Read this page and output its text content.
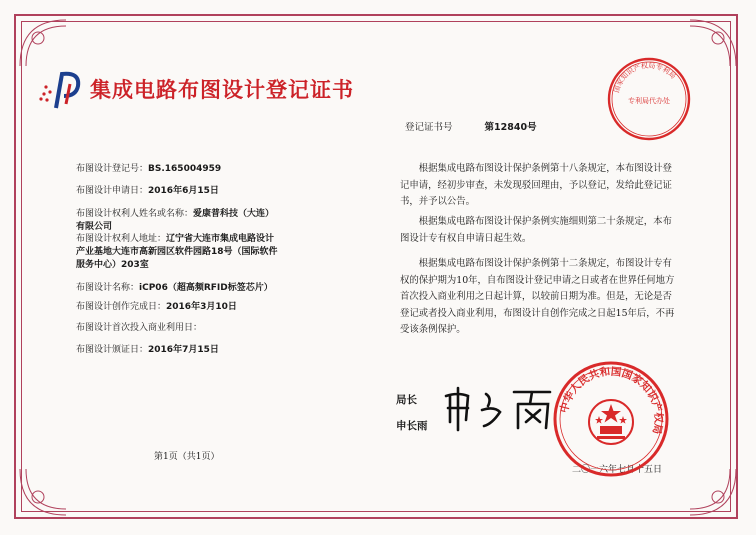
集成电路布图设计登记证书
登记证书号	第12840号
布图设计登记号：BS.165004959
布图设计申请日：2016年6月15日
布图设计权利人姓名或名称：爱康普科技（大连）
有限公司
布图设计权利人地址：辽宁省大连市集成电路设计
产业基地大连市高新园区软件园路18号（国际软件
服务中心）203室
布图设计名称：iCP06（超高频RFID标签芯片）
布图设计创作完成日：2016年3月10日
布图设计首次投入商业利用日：
布图设计颁证日：2016年7月15日

根据集成电路布图设计保护条例第十八条规定，本布图设计登记申请，经初步审查，未发现驳回理由，予以登记，发给此登记证书，并予以公告。

根据集成电路布图设计保护条例实施细则第二十条规定，本布图设计专有权自申请日起生效。

根据集成电路布图设计保护条例第十二条规定，布图设计专有权的保护期为10年，自布图设计登记申请之日或者在世界任何地方首次投入商业利用之日起计算，以较前日期为准。但是，无论是否登记或者投入商业利用，布图设计自创作完成之日起15年后，不再受该条例保护。

第1页（共1页）
局长
申长雨
二〇一六年七月十五日
国家知识产权局专利局
专利局代办处
中华人民共和国国家知识产权局
